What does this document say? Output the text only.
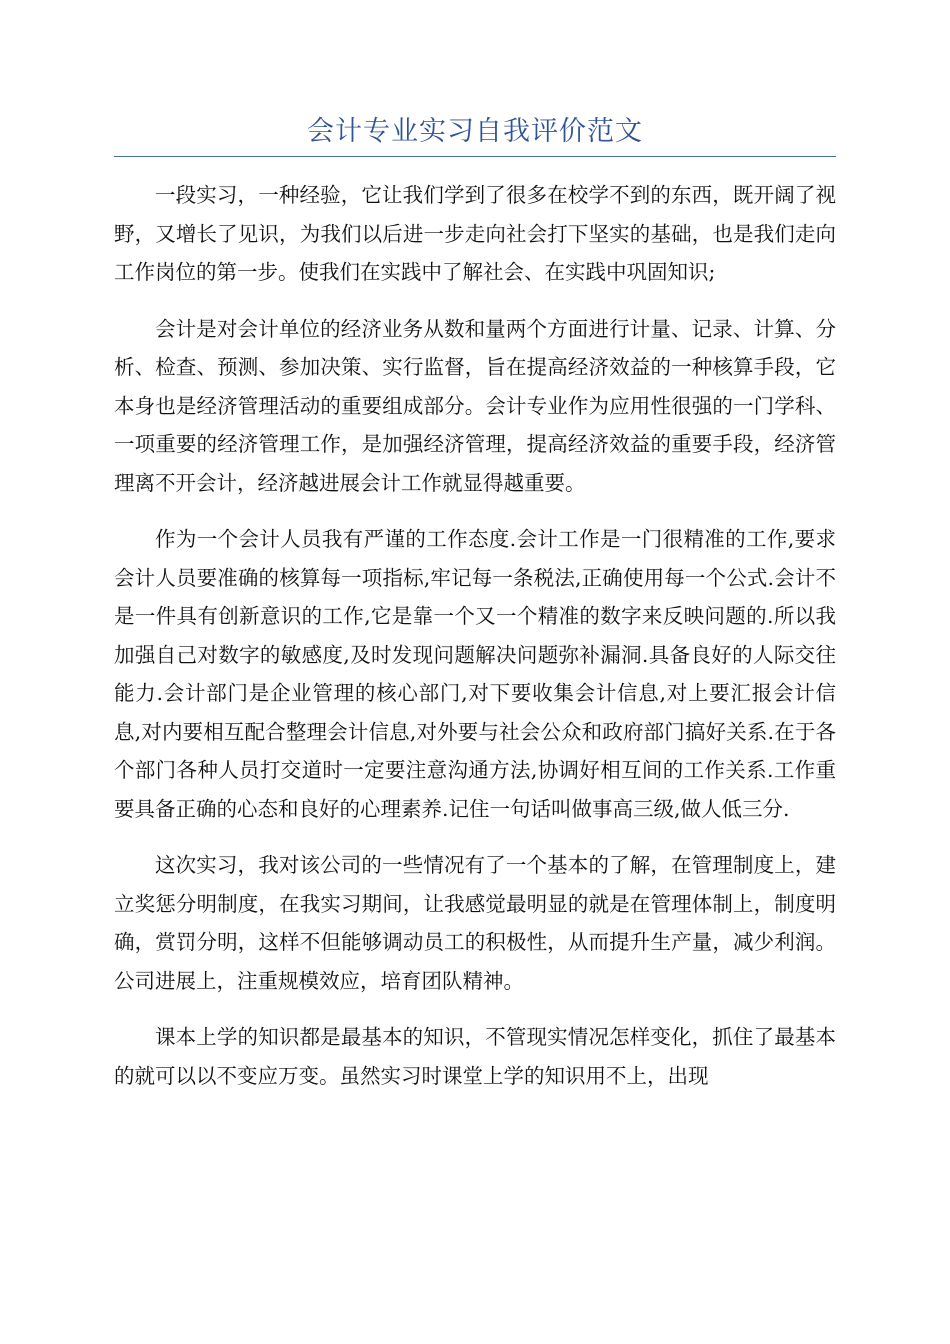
会计专业实习自我评价范文

一段实习，一种经验，它让我们学到了很多在校学不到的东西，既开阔了视野，又增长了见识，为我们以后进一步走向社会打下坚实的基础，也是我们走向工作岗位的第一步。使我们在实践中了解社会、在实践中巩固知识;

会计是对会计单位的经济业务从数和量两个方面进行计量、记录、计算、分析、检查、预测、参加决策、实行监督，旨在提高经济效益的一种核算手段，它本身也是经济管理活动的重要组成部分。会计专业作为应用性很强的一门学科、一项重要的经济管理工作，是加强经济管理，提高经济效益的重要手段，经济管理离不开会计，经济越进展会计工作就显得越重要。

作为一个会计人员我有严谨的工作态度.会计工作是一门很精准的工作,要求会计人员要准确的核算每一项指标,牢记每一条税法,正确使用每一个公式.会计不是一件具有创新意识的工作,它是靠一个又一个精准的数字来反映问题的.所以我加强自己对数字的敏感度,及时发现问题解决问题弥补漏洞.具备良好的人际交往能力.会计部门是企业管理的核心部门,对下要收集会计信息,对上要汇报会计信息,对内要相互配合整理会计信息,对外要与社会公众和政府部门搞好关系.在于各个部门各种人员打交道时一定要注意沟通方法,协调好相互间的工作关系.工作重要具备正确的心态和良好的心理素养.记住一句话叫做事高三级,做人低三分.

这次实习，我对该公司的一些情况有了一个基本的了解，在管理制度上，建立奖惩分明制度，在我实习期间，让我感觉最明显的就是在管理体制上，制度明确，赏罚分明，这样不但能够调动员工的积极性，从而提升生产量，减少利润。公司进展上，注重规模效应，培育团队精神。

课本上学的知识都是最基本的知识，不管现实情况怎样变化，抓住了最基本的就可以以不变应万变。虽然实习时课堂上学的知识用不上，出现
